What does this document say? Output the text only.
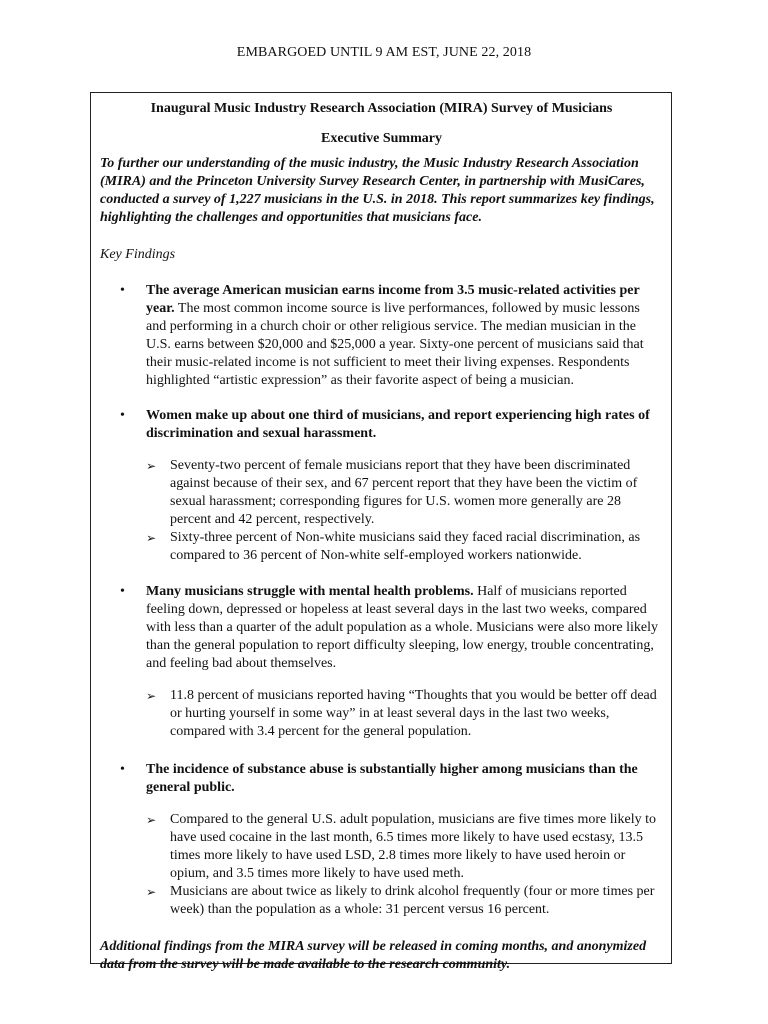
EMBARGOED UNTIL 9 AM EST, JUNE 22, 2018

Inaugural Music Industry Research Association (MIRA) Survey of Musicians

Executive Summary

To further our understanding of the music industry, the Music Industry Research Association (MIRA) and the Princeton University Survey Research Center, in partnership with MusiCares, conducted a survey of 1,227 musicians in the U.S. in 2018. This report summarizes key findings, highlighting the challenges and opportunities that musicians face.

Key Findings

• The average American musician earns income from 3.5 music-related activities per year. The most common income source is live performances, followed by music lessons and performing in a church choir or other religious service. The median musician in the U.S. earns between $20,000 and $25,000 a year. Sixty-one percent of musicians said that their music-related income is not sufficient to meet their living expenses. Respondents highlighted “artistic expression” as their favorite aspect of being a musician.
• Women make up about one third of musicians, and report experiencing high rates of discrimination and sexual harassment.
➢ Seventy-two percent of female musicians report that they have been discriminated against because of their sex, and 67 percent report that they have been the victim of sexual harassment; corresponding figures for U.S. women more generally are 28 percent and 42 percent, respectively.
➢ Sixty-three percent of Non-white musicians said they faced racial discrimination, as compared to 36 percent of Non-white self-employed workers nationwide.
• Many musicians struggle with mental health problems. Half of musicians reported feeling down, depressed or hopeless at least several days in the last two weeks, compared with less than a quarter of the adult population as a whole. Musicians were also more likely than the general population to report difficulty sleeping, low energy, trouble concentrating, and feeling bad about themselves.
➢ 11.8 percent of musicians reported having “Thoughts that you would be better off dead or hurting yourself in some way” in at least several days in the last two weeks, compared with 3.4 percent for the general population.
• The incidence of substance abuse is substantially higher among musicians than the general public.
➢ Compared to the general U.S. adult population, musicians are five times more likely to have used cocaine in the last month, 6.5 times more likely to have used ecstasy, 13.5 times more likely to have used LSD, 2.8 times more likely to have used heroin or opium, and 3.5 times more likely to have used meth.
➢ Musicians are about twice as likely to drink alcohol frequently (four or more times per week) than the population as a whole: 31 percent versus 16 percent.

Additional findings from the MIRA survey will be released in coming months, and anonymized data from the survey will be made available to the research community.
